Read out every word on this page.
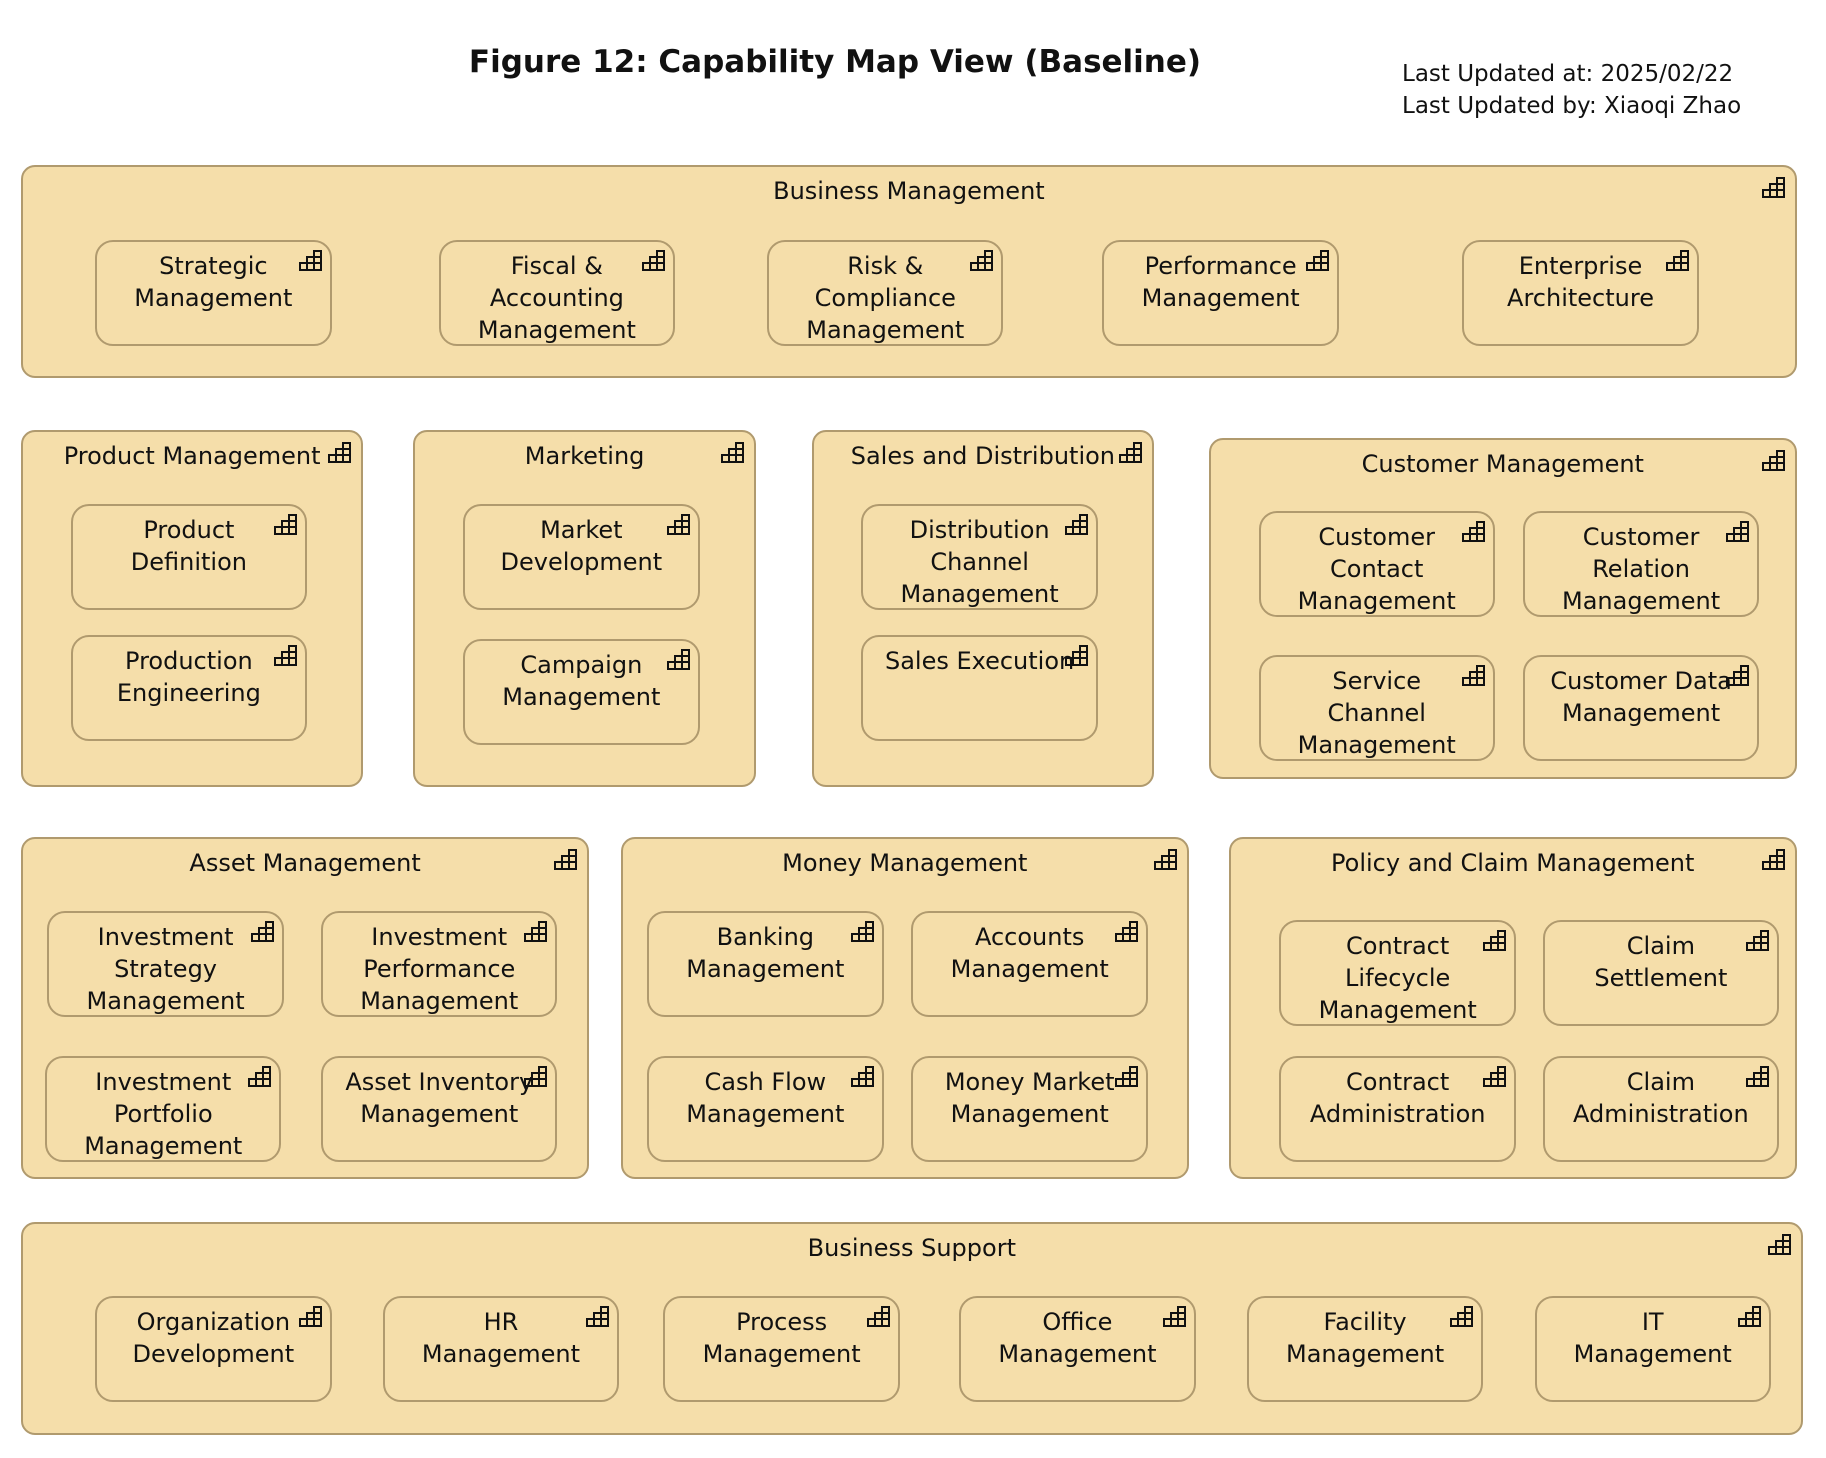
Figure 12: Capability Map View (Baseline)	Last Updated at: 2025/02/22
Last Updated by: Xiaoqi Zhao
Business Management
Strategic
Management
Fiscal &
Accounting
Management
Risk &
Compliance
Management
Performance
Management
Enterprise
Architecture
Product Management
Product
Definition
Production
Engineering
Marketing
Market
Development
Campaign
Management
Sales and Distribution
Distribution
Channel
Management
Sales Execution
Customer Management
Customer
Contact
Management
Customer
Relation
Management
Service
Channel
Management
Customer Data
Management
Asset Management
Investment
Strategy
Management
Investment
Performance
Management
Investment
Portfolio
Management
Asset Inventory
Management
Money Management
Banking
Management
Accounts
Management
Cash Flow
Management
Money Market
Management
Policy and Claim Management
Contract
Lifecycle
Management
Claim
Settlement
Contract
Administration
Claim
Administration
Business Support
Organization
Development
HR
Management
Process
Management
Office
Management
Facility
Management
IT
Management
